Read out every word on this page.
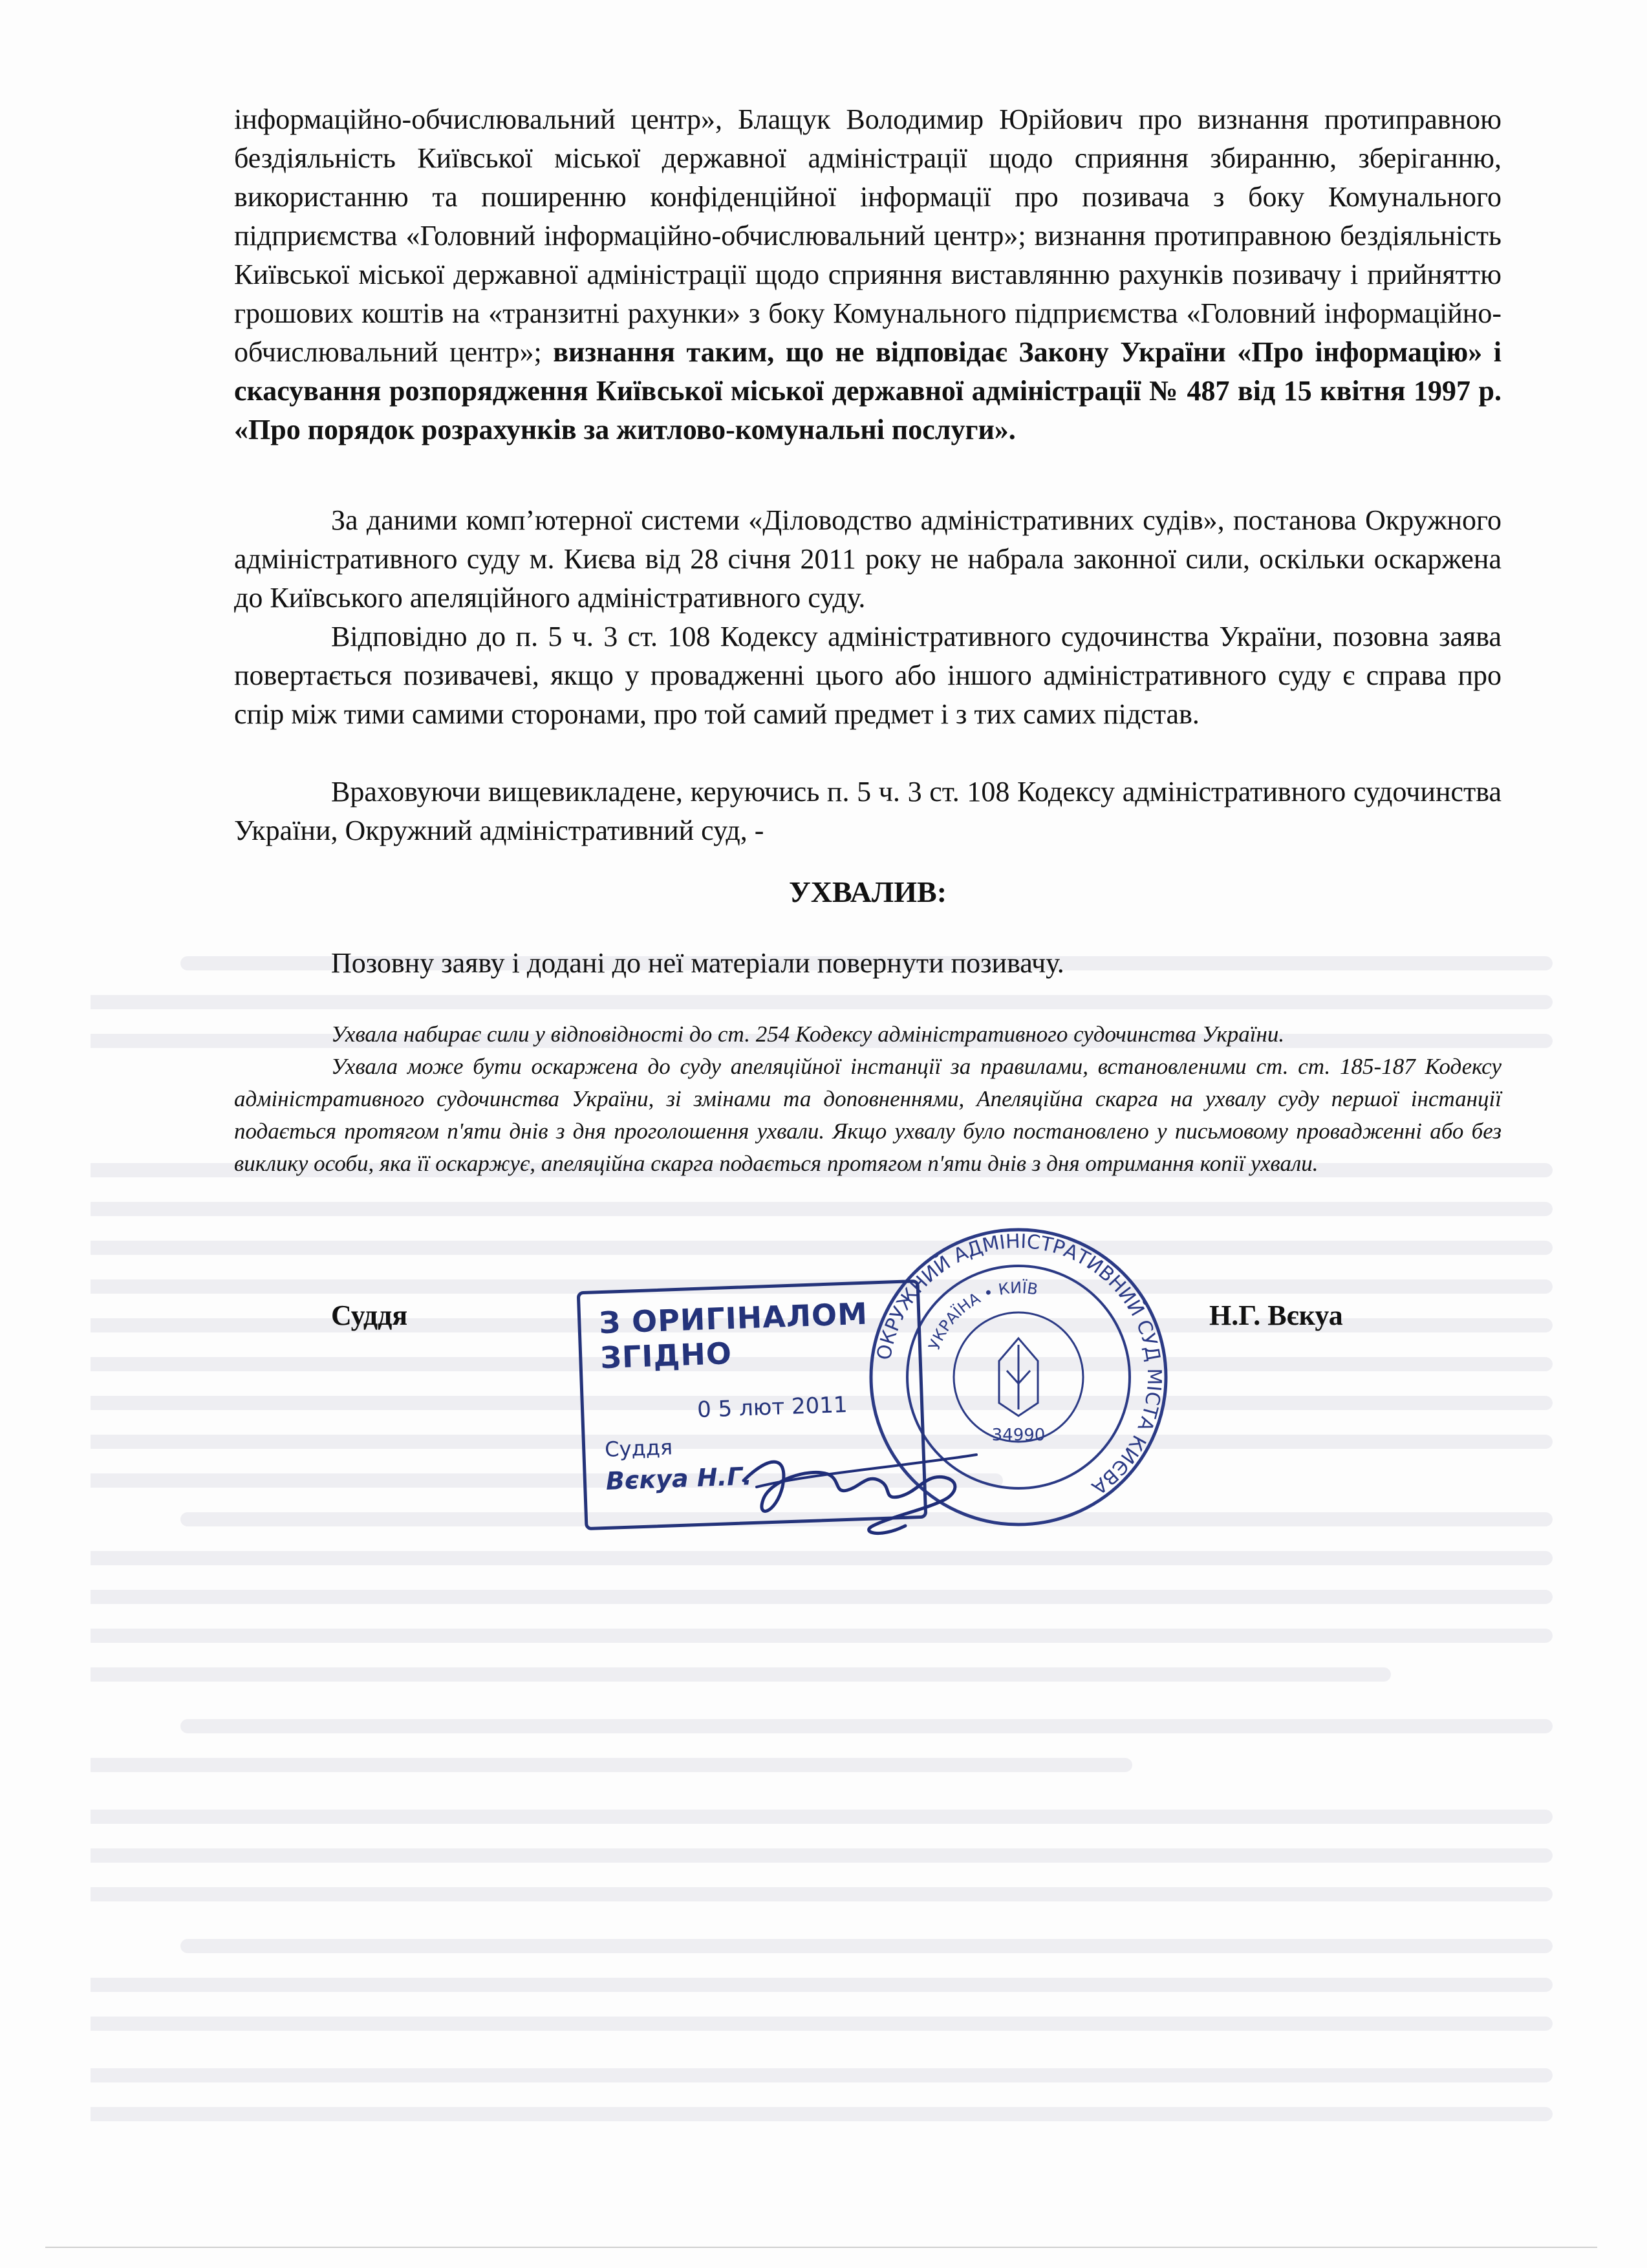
інформаційно-обчислювальний центр», Блащук Володимир Юрійович про визнання протиправною бездіяльність Київської міської державної адміністрації щодо сприяння збиранню, зберіганню, використанню та поширенню конфіденційної інформації про позивача з боку Комунального підприємства «Головний інформаційно-обчислювальний центр»; визнання протиправною бездіяльність Київської міської державної адміністрації щодо сприяння виставлянню рахунків позивачу і прийняттю грошових коштів на «транзитні рахунки» з боку Комунального підприємства «Головний інформаційно-обчислювальний центр»; визнання таким, що не відповідає Закону України «Про інформацію» і скасування розпорядження Київської міської державної адміністрації № 487 від 15 квітня 1997 р. «Про порядок розрахунків за житлово-комунальні послуги».

За даними комп’ютерної системи «Діловодство адміністративних судів», постанова Окружного адміністративного суду м. Києва від 28 січня 2011 року не набрала законної сили, оскільки оскаржена до Київського апеляційного адміністративного суду.

Відповідно до п. 5 ч. 3 ст. 108 Кодексу адміністративного судочинства України, позовна заява повертається позивачеві, якщо у провадженні цього або іншого адміністративного суду є справа про спір між тими самими сторонами, про той самий предмет і з тих самих підстав.

Враховуючи вищевикладене, керуючись п. 5 ч. 3 ст. 108 Кодексу адміністративного судочинства України, Окружний адміністративний суд, -

УХВАЛИВ:
Позовну заяву і додані до неї матеріали повернути позивачу.

Ухвала набирає сили у відповідності до ст. 254 Кодексу адміністративного судочинства України.

Ухвала може бути оскаржена до суду апеляційної інстанції за правилами, встановленими ст. ст. 185-187 Кодексу адміністративного судочинства України, зі змінами та доповненнями, Апеляційна скарга на ухвалу суду першої інстанції подається протягом п'яти днів з дня проголошення ухвали. Якщо ухвалу було постановлено у письмовому провадженні або без виклику особи, яка її оскаржує, апеляційна скарга подається протягом п'яти днів з дня отримання копії ухвали.

Суддя	Н.Г. Вєкуа
ОКРУЖНИЙ АДМІНІСТРАТИВНИЙ СУД МІСТА КИЄВА
УКРАЇНА • КИЇВ
34990
З ОРИГІНАЛОМ ЗГІДНО
0 5 лют 2011
Суддя
Вєкуа Н.Г.
